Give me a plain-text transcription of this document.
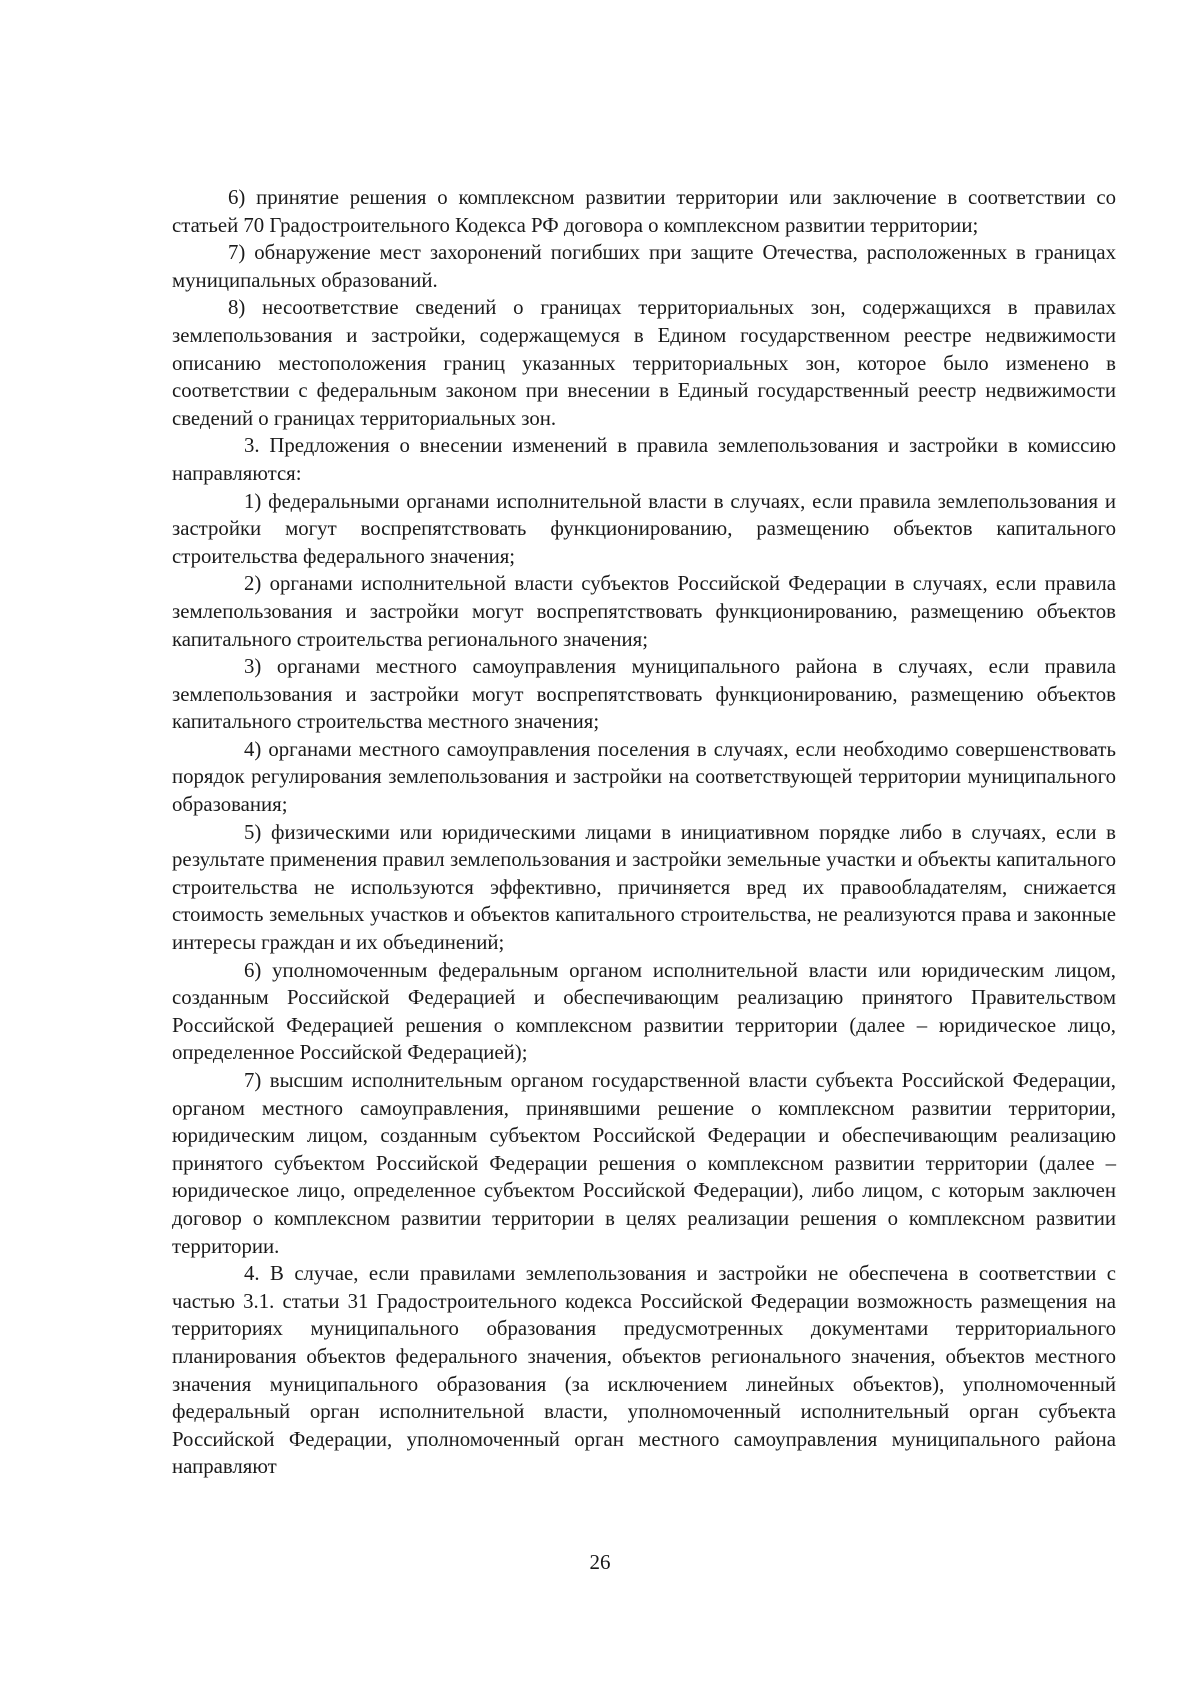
6) принятие решения о комплексном развитии территории или заключение в соответствии со статьей 70 Градостроительного Кодекса РФ договора о комплексном развитии территории;

7) обнаружение мест захоронений погибших при защите Отечества, расположенных в границах муниципальных образований.

8) несоответствие сведений о границах территориальных зон, содержащихся в правилах землепользования и застройки, содержащемуся в Едином государственном реестре недвижимости описанию местоположения границ указанных территориальных зон, которое было изменено в соответствии с федеральным законом при внесении в Единый государственный реестр недвижимости сведений о границах территориальных зон.

3. Предложения о внесении изменений в правила землепользования и застройки в комиссию направляются:

1) федеральными органами исполнительной власти в случаях, если правила землепользования и застройки могут воспрепятствовать функционированию, размещению объектов капитального строительства федерального значения;

2) органами исполнительной власти субъектов Российской Федерации в случаях, если правила землепользования и застройки могут воспрепятствовать функционированию, размещению объектов капитального строительства регионального значения;

3) органами местного самоуправления муниципального района в случаях, если правила землепользования и застройки могут воспрепятствовать функционированию, размещению объектов капитального строительства местного значения;

4) органами местного самоуправления поселения в случаях, если необходимо совершенствовать порядок регулирования землепользования и застройки на соответствующей территории муниципального образования;

5) физическими или юридическими лицами в инициативном порядке либо в случаях, если в результате применения правил землепользования и застройки земельные участки и объекты капитального строительства не используются эффективно, причиняется вред их правообладателям, снижается стоимость земельных участков и объектов капитального строительства, не реализуются права и законные интересы граждан и их объединений;

6) уполномоченным федеральным органом исполнительной власти или юридическим лицом, созданным Российской Федерацией и обеспечивающим реализацию принятого Правительством Российской Федерацией решения о комплексном развитии территории (далее – юридическое лицо, определенное Российской Федерацией);

7) высшим исполнительным органом государственной власти субъекта Российской Федерации, органом местного самоуправления, принявшими решение о комплексном развитии территории, юридическим лицом, созданным субъектом Российской Федерации и обеспечивающим реализацию принятого субъектом Российской Федерации решения о комплексном развитии территории (далее – юридическое лицо, определенное субъектом Российской Федерации), либо лицом, с которым заключен договор о комплексном развитии территории в целях реализации решения о комплексном развитии территории.

4. В случае, если правилами землепользования и застройки не обеспечена в соответствии с частью 3.1. статьи 31 Градостроительного кодекса Российской Федерации возможность размещения на территориях муниципального образования предусмотренных документами территориального планирования объектов федерального значения, объектов регионального значения, объектов местного значения муниципального образования (за исключением линейных объектов), уполномоченный федеральный орган исполнительной власти, уполномоченный исполнительный орган субъекта Российской Федерации, уполномоченный орган местного самоуправления муниципального района направляют

26
